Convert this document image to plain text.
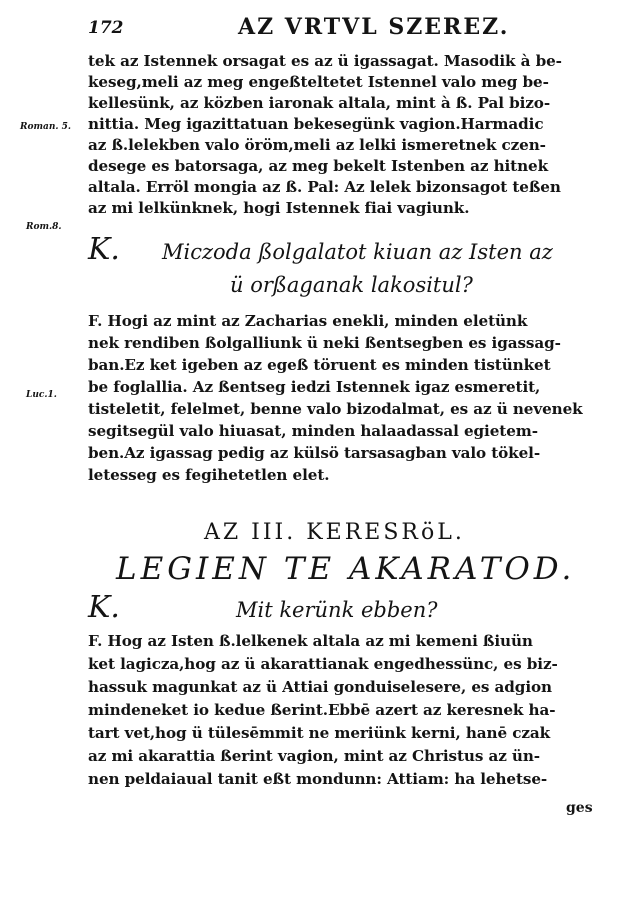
172	AZ VRTVL SZEREZ.
Roman. 5.
Rom.8.
Luc.1.
tek az Istennek orsagat es az ü igassagat. Masodik à be-
keseg,meli az meg engeßteltetet Istennel valo meg be-
kellesünk, az közben iaronak altala, mint à ß. Pal bizo-
nittia. Meg igazittatuan bekesegünk vagion.Harmadic
az ß.lelekben valo öröm,meli az lelki ismeretnek czen-
desege es batorsaga, az meg bekelt Istenben az hitnek
altala. Erröl mongia az ß. Pal: Az lelek bizonsagot teßen
az mi lelkünknek, hogi Istennek fiai vagiunk.
K. Miczoda ßolgalatot kiuan az Isten az
ü orßaganak lakositul?
F. Hogi az mint az Zacharias enekli, minden eletünk
nek rendiben ßolgalliunk ü neki ßentsegben es igassag-
ban.Ez ket igeben az egeß töruent es minden tistünket
be foglallia. Az ßentseg iedzi Istennek igaz esmeretit,
tisteletit, felelmet, benne valo bizodalmat, es az ü nevenek
segitsegül valo hiuasat, minden halaadassal egietem-
ben.Az igassag pedig az külsö tarsasagban valo tökel-
letesseg es fegihetetlen elet.
AZ III. KERESRöL.
LEGIEN TE AKARATOD.
K.	Mit kerünk ebben?
F. Hog az Isten ß.lelkenek altala az mi kemeni ßiuün
ket lagicza,hog az ü akarattianak engedhessünc, es biz-
hassuk magunkat az ü Attiai gonduiselesere, es adgion
mindeneket io kedue ßerint.Ebbē azert az keresnek ha-
tart vet,hog ü tülesēmmit ne meriünk kerni, hanē czak
az mi akarattia ßerint vagion, mint az Christus az ün-
nen peldaiaual tanit eßt mondunn: Attiam: ha lehetse-
ges
